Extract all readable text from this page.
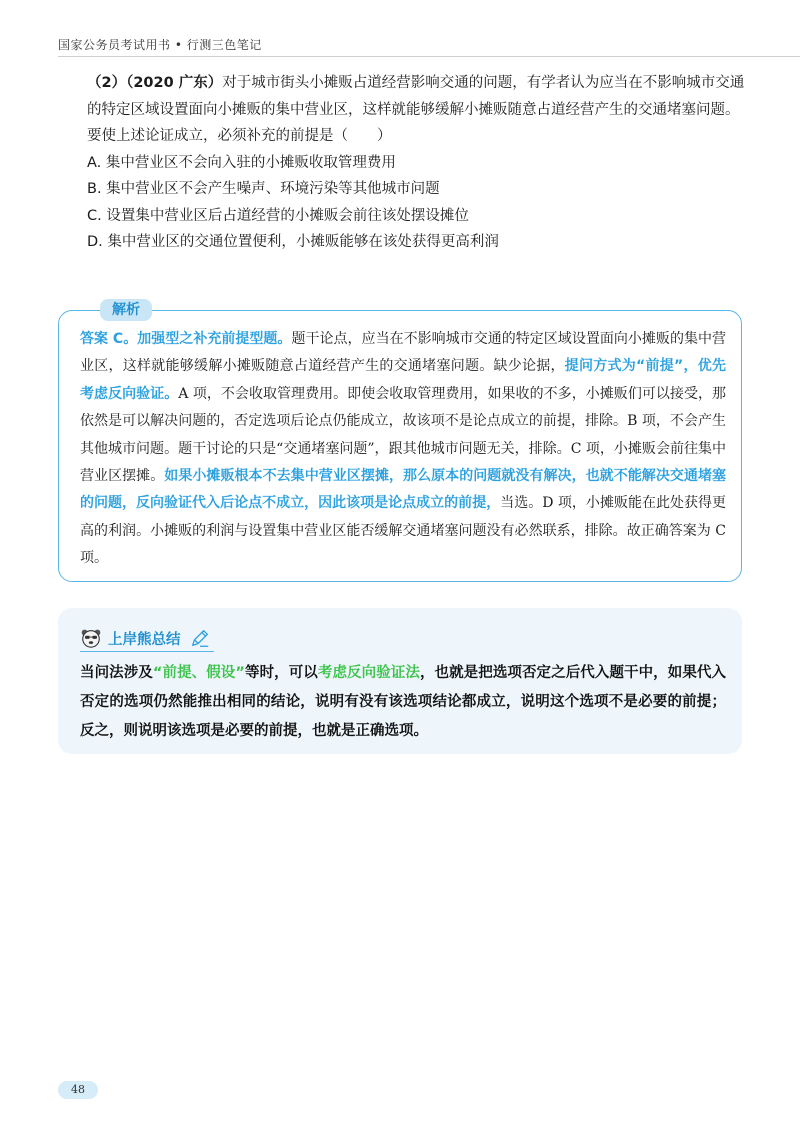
国家公务员考试用书 • 行测三色笔记
（2）（2020 广东）对于城市街头小摊贩占道经营影响交通的问题，有学者认为应当在不影响城市交通的特定区域设置面向小摊贩的集中营业区，这样就能够缓解小摊贩随意占道经营产生的交通堵塞问题。
要使上述论证成立，必须补充的前提是（　　）
A. 集中营业区不会向入驻的小摊贩收取管理费用
B. 集中营业区不会产生噪声、环境污染等其他城市问题
C. 设置集中营业区后占道经营的小摊贩会前往该处摆设摊位
D. 集中营业区的交通位置便利，小摊贩能够在该处获得更高利润
解析
答案 C。加强型之补充前提型题。题干论点，应当在不影响城市交通的特定区域设置面向小摊贩的集中营业区，这样就能够缓解小摊贩随意占道经营产生的交通堵塞问题。缺少论据，提问方式为“前提”，优先考虑反向验证。A 项，不会收取管理费用。即使会收取管理费用，如果收的不多，小摊贩们可以接受，那依然是可以解决问题的，否定选项后论点仍能成立，故该项不是论点成立的前提，排除。B 项，不会产生其他城市问题。题干讨论的只是“交通堵塞问题”，跟其他城市问题无关，排除。C 项，小摊贩会前往集中营业区摆摊。如果小摊贩根本不去集中营业区摆摊，那么原本的问题就没有解决，也就不能解决交通堵塞的问题，反向验证代入后论点不成立，因此该项是论点成立的前提，当选。D 项，小摊贩能在此处获得更高的利润。小摊贩的利润与设置集中营业区能否缓解交通堵塞问题没有必然联系，排除。故正确答案为 C 项。
上岸熊总结
当问法涉及“前提、假设”等时，可以考虑反向验证法，也就是把选项否定之后代入题干中，如果代入否定的选项仍然能推出相同的结论，说明有没有该选项结论都成立，说明这个选项不是必要的前提；反之，则说明该选项是必要的前提，也就是正确选项。
48
